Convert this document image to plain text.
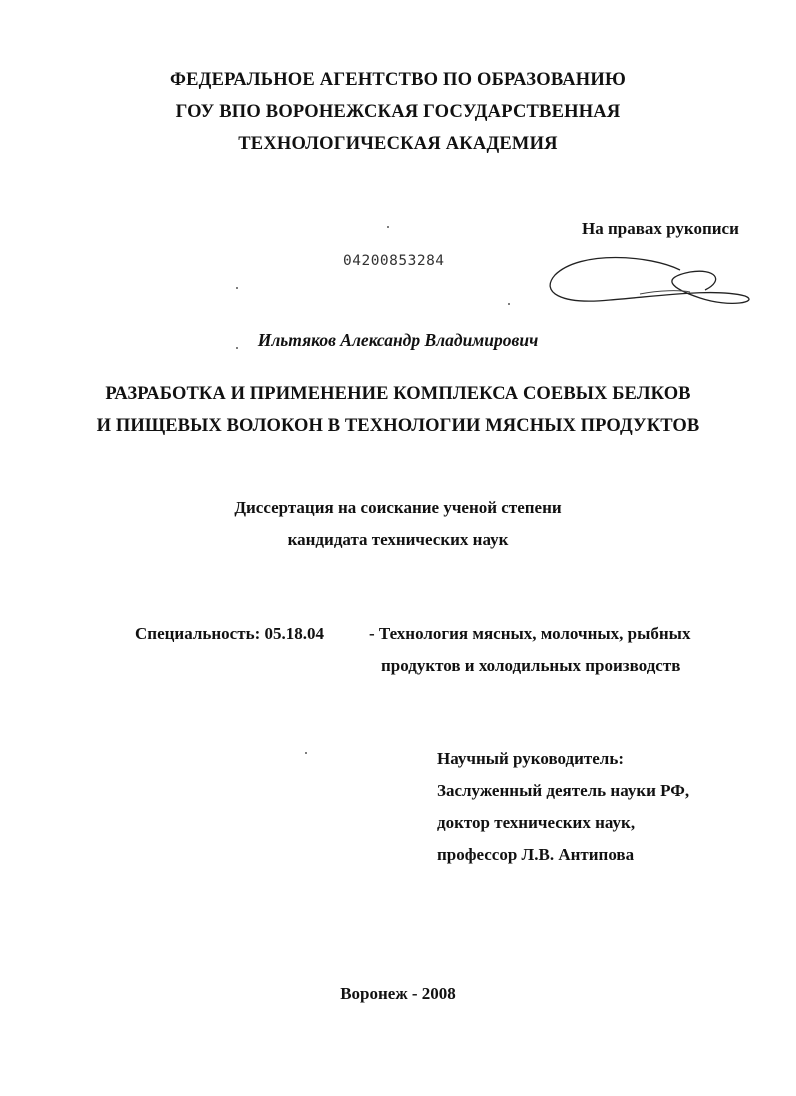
ФЕДЕРАЛЬНОЕ АГЕНТСТВО ПО ОБРАЗОВАНИЮ
ГОУ ВПО ВОРОНЕЖСКАЯ ГОСУДАРСТВЕННАЯ
ТЕХНОЛОГИЧЕСКАЯ АКАДЕМИЯ
На правах рукописи
04200853284
Ильтяков Александр Владимирович
РАЗРАБОТКА И ПРИМЕНЕНИЕ КОМПЛЕКСА СОЕВЫХ БЕЛКОВ
И ПИЩЕВЫХ ВОЛОКОН В ТЕХНОЛОГИИ МЯСНЫХ ПРОДУКТОВ
Диссертация на соискание ученой степени
кандидата технических наук
Специальность: 05.18.04	- Технология мясных, молочных, рыбных
продуктов и холодильных производств
Научный руководитель:
Заслуженный деятель науки РФ,
доктор технических наук,
профессор Л.В. Антипова
Воронеж - 2008
